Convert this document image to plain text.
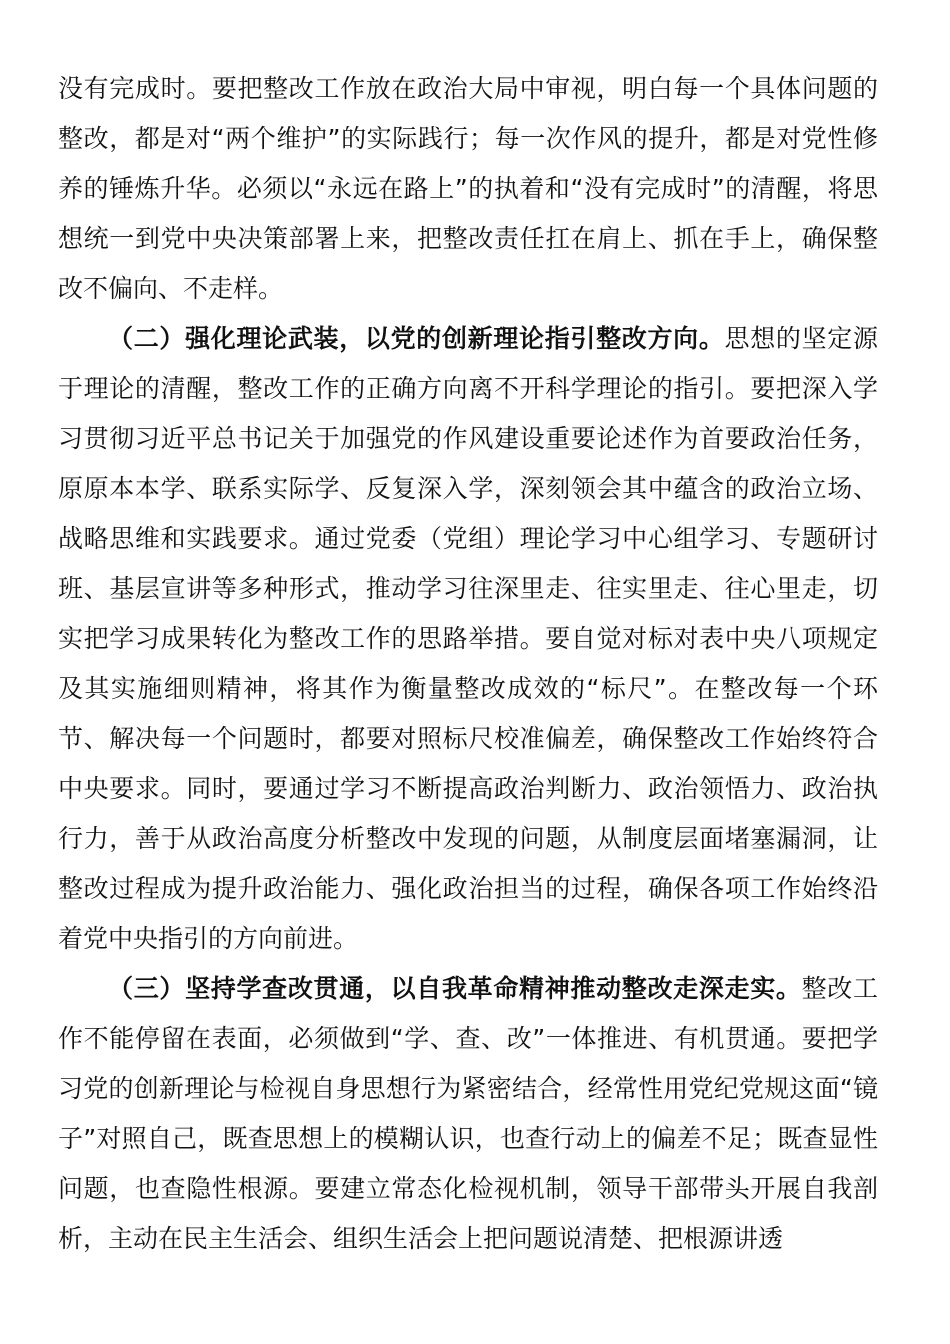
没有完成时。要把整改工作放在政治大局中审视，明白每一个具体问题的整改，都是对“两个维护”的实际践行；每一次作风的提升，都是对党性修养的锤炼升华。必须以“永远在路上”的执着和“没有完成时”的清醒，将思想统一到党中央决策部署上来，把整改责任扛在肩上、抓在手上，确保整改不偏向、不走样。

（二）强化理论武装，以党的创新理论指引整改方向。思想的坚定源于理论的清醒，整改工作的正确方向离不开科学理论的指引。要把深入学习贯彻习近平总书记关于加强党的作风建设重要论述作为首要政治任务，原原本本学、联系实际学、反复深入学，深刻领会其中蕴含的政治立场、战略思维和实践要求。通过党委（党组）理论学习中心组学习、专题研讨班、基层宣讲等多种形式，推动学习往深里走、往实里走、往心里走，切实把学习成果转化为整改工作的思路举措。要自觉对标对表中央八项规定及其实施细则精神，将其作为衡量整改成效的“标尺”。在整改每一个环节、解决每一个问题时，都要对照标尺校准偏差，确保整改工作始终符合中央要求。同时，要通过学习不断提高政治判断力、政治领悟力、政治执行力，善于从政治高度分析整改中发现的问题，从制度层面堵塞漏洞，让整改过程成为提升政治能力、强化政治担当的过程，确保各项工作始终沿着党中央指引的方向前进。

（三）坚持学查改贯通，以自我革命精神推动整改走深走实。整改工作不能停留在表面，必须做到“学、查、改”一体推进、有机贯通。要把学习党的创新理论与检视自身思想行为紧密结合，经常性用党纪党规这面“镜子”对照自己，既查思想上的模糊认识，也查行动上的偏差不足；既查显性问题，也查隐性根源。要建立常态化检视机制，领导干部带头开展自我剖析，主动在民主生活会、组织生活会上把问题说清楚、把根源讲透
